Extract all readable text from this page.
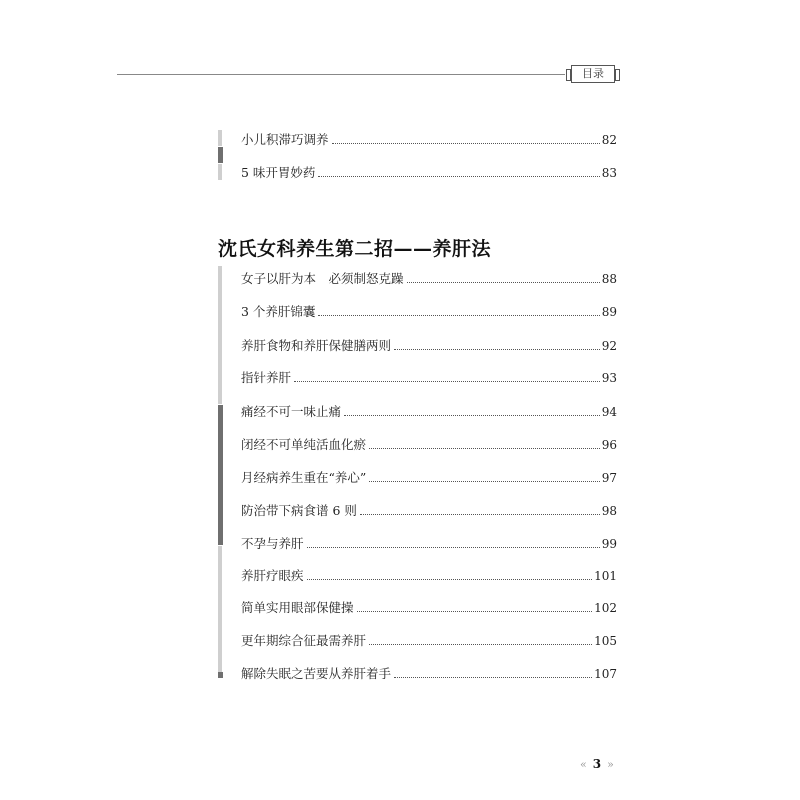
目录
小儿积滞巧调养	82
5 味开胃妙药	83
沈氏女科养生第二招——养肝法
女子以肝为本　必须制怒克躁	88
3 个养肝锦囊	89
养肝食物和养肝保健膳两则	92
指针养肝	93
痛经不可一味止痛	94
闭经不可单纯活血化瘀	96
月经病养生重在“养心”	97
防治带下病食谱 6 则	98
不孕与养肝	99
养肝疗眼疾	101
简单实用眼部保健操	102
更年期综合征最需养肝	105
解除失眠之苦要从养肝着手	107
« 3 »
